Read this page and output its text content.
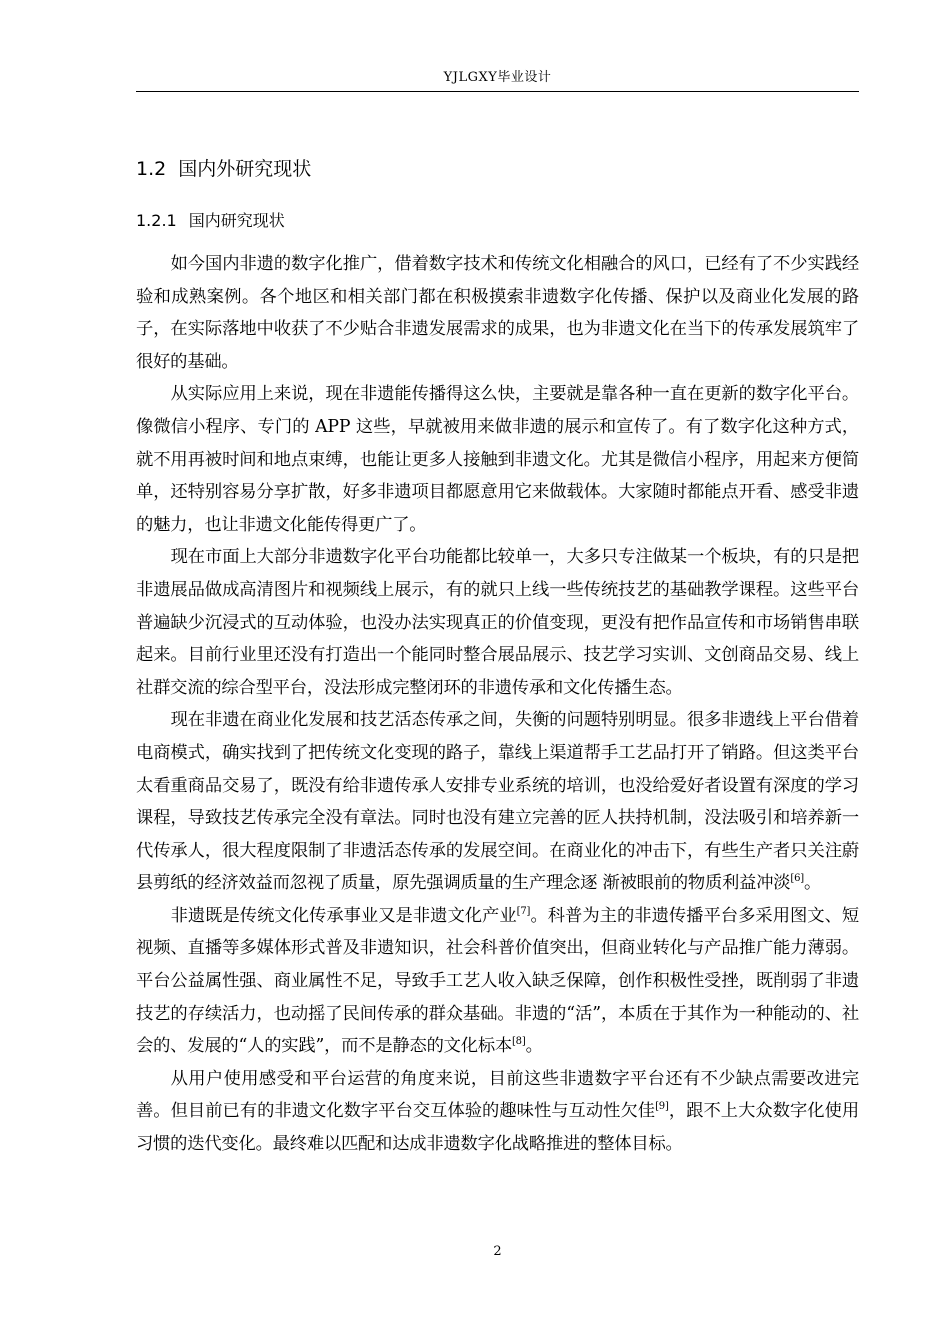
YJLGXY毕业设计
1.2 国内外研究现状
1.2.1 国内研究现状

如今国内非遗的数字化推广，借着数字技术和传统文化相融合的风口，已经有了不少实践经验和成熟案例。各个地区和相关部门都在积极摸索非遗数字化传播、保护以及商业化发展的路子，在实际落地中收获了不少贴合非遗发展需求的成果，也为非遗文化在当下的传承发展筑牢了很好的基础。

从实际应用上来说，现在非遗能传播得这么快，主要就是靠各种一直在更新的数字化平台。像微信小程序、专门的 APP 这些，早就被用来做非遗的展示和宣传了。有了数字化这种方式，就不用再被时间和地点束缚，也能让更多人接触到非遗文化。尤其是微信小程序，用起来方便简单，还特别容易分享扩散，好多非遗项目都愿意用它来做载体。大家随时都能点开看、感受非遗的魅力，也让非遗文化能传得更广了。

现在市面上大部分非遗数字化平台功能都比较单一，大多只专注做某一个板块，有的只是把非遗展品做成高清图片和视频线上展示，有的就只上线一些传统技艺的基础教学课程。这些平台普遍缺少沉浸式的互动体验，也没办法实现真正的价值变现，更没有把作品宣传和市场销售串联起来。目前行业里还没有打造出一个能同时整合展品展示、技艺学习实训、文创商品交易、线上社群交流的综合型平台，没法形成完整闭环的非遗传承和文化传播生态。

现在非遗在商业化发展和技艺活态传承之间，失衡的问题特别明显。很多非遗线上平台借着电商模式，确实找到了把传统文化变现的路子，靠线上渠道帮手工艺品打开了销路。但这类平台太看重商品交易了，既没有给非遗传承人安排专业系统的培训，也没给爱好者设置有深度的学习课程，导致技艺传承完全没有章法。同时也没有建立完善的匠人扶持机制，没法吸引和培养新一代传承人，很大程度限制了非遗活态传承的发展空间。在商业化的冲击下，有些生产者只关注蔚县剪纸的经济效益而忽视了质量，原先强调质量的生产理念逐 渐被眼前的物质利益冲淡[6]。

非遗既是传统文化传承事业又是非遗文化产业[7]。科普为主的非遗传播平台多采用图文、短视频、直播等多媒体形式普及非遗知识，社会科普价值突出，但商业转化与产品推广能力薄弱。平台公益属性强、商业属性不足，导致手工艺人收入缺乏保障，创作积极性受挫，既削弱了非遗技艺的存续活力，也动摇了民间传承的群众基础。非遗的“活”，本质在于其作为一种能动的、社会的、发展的“人的实践”，而不是静态的文化标本[8]。

从用户使用感受和平台运营的角度来说，目前这些非遗数字平台还有不少缺点需要改进完善。但目前已有的非遗文化数字平台交互体验的趣味性与互动性欠佳[9]，跟不上大众数字化使用习惯的迭代变化。最终难以匹配和达成非遗数字化战略推进的整体目标。

2
